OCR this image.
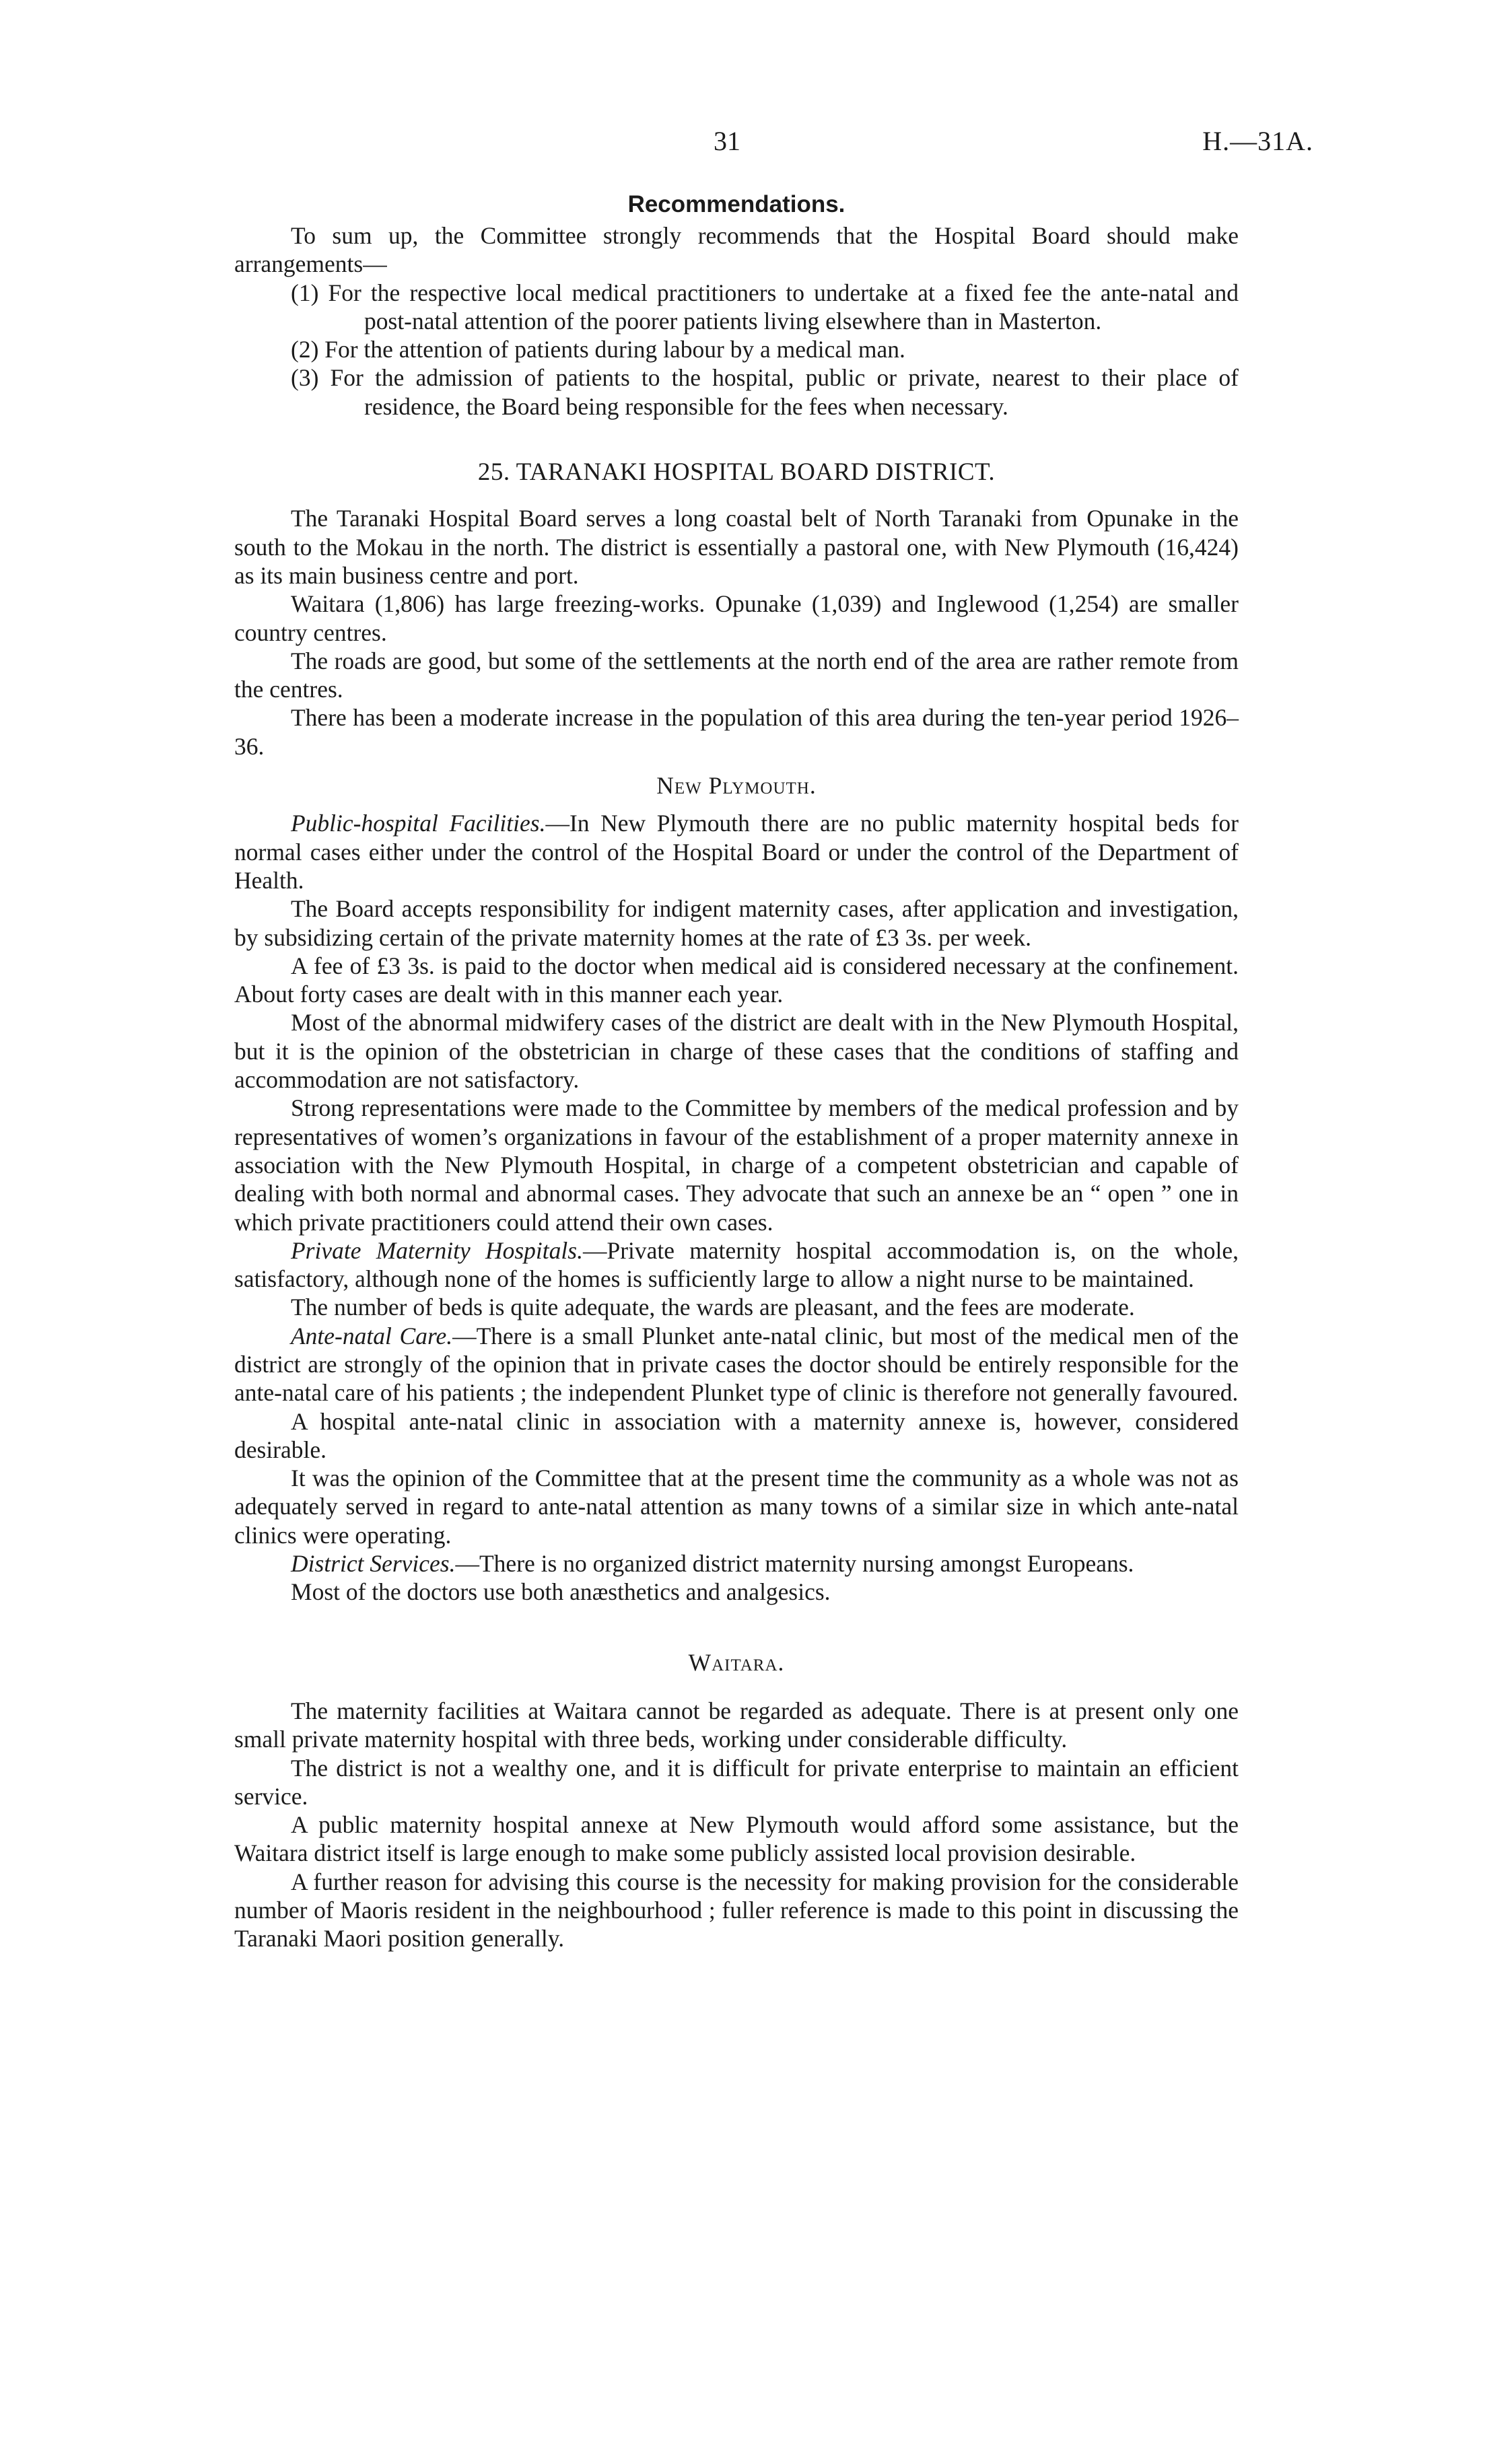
31	H.—31A.
Recommendations.

To sum up, the Committee strongly recommends that the Hospital Board should make arrangements—

(1) For the respective local medical practitioners to undertake at a fixed fee the ante-natal and post-natal attention of the poorer patients living elsewhere than in Masterton.
(2) For the attention of patients during labour by a medical man.
(3) For the admission of patients to the hospital, public or private, nearest to their place of residence, the Board being responsible for the fees when necessary.
25. TARANAKI HOSPITAL BOARD DISTRICT.

The Taranaki Hospital Board serves a long coastal belt of North Taranaki from Opunake in the south to the Mokau in the north. The district is essentially a pastoral one, with New Plymouth (16,424) as its main business centre and port.

Waitara (1,806) has large freezing-works. Opunake (1,039) and Inglewood (1,254) are smaller country centres.

The roads are good, but some of the settlements at the north end of the area are rather remote from the centres.

There has been a moderate increase in the population of this area during the ten-year period 1926–36.

New Plymouth.

Public-hospital Facilities.—In New Plymouth there are no public maternity hospital beds for normal cases either under the control of the Hospital Board or under the control of the Department of Health.

The Board accepts responsibility for indigent maternity cases, after application and investigation, by subsidizing certain of the private maternity homes at the rate of £3 3s. per week.

A fee of £3 3s. is paid to the doctor when medical aid is considered necessary at the confinement. About forty cases are dealt with in this manner each year.

Most of the abnormal midwifery cases of the district are dealt with in the New Plymouth Hospital, but it is the opinion of the obstetrician in charge of these cases that the conditions of staffing and accommodation are not satisfactory.

Strong representations were made to the Committee by members of the medical profession and by representatives of women’s organizations in favour of the establishment of a proper maternity annexe in association with the New Plymouth Hospital, in charge of a competent obstetrician and capable of dealing with both normal and abnormal cases. They advocate that such an annexe be an “ open ” one in which private practitioners could attend their own cases.

Private Maternity Hospitals.—Private maternity hospital accommodation is, on the whole, satisfactory, although none of the homes is sufficiently large to allow a night nurse to be maintained.

The number of beds is quite adequate, the wards are pleasant, and the fees are moderate.

Ante-natal Care.—There is a small Plunket ante-natal clinic, but most of the medical men of the district are strongly of the opinion that in private cases the doctor should be entirely responsible for the ante-natal care of his patients ; the independent Plunket type of clinic is therefore not generally favoured.

A hospital ante-natal clinic in association with a maternity annexe is, however, considered desirable.

It was the opinion of the Committee that at the present time the community as a whole was not as adequately served in regard to ante-natal attention as many towns of a similar size in which ante-natal clinics were operating.

District Services.—There is no organized district maternity nursing amongst Europeans.

Most of the doctors use both anæsthetics and analgesics.

Waitara.

The maternity facilities at Waitara cannot be regarded as adequate. There is at present only one small private maternity hospital with three beds, working under considerable difficulty.

The district is not a wealthy one, and it is difficult for private enterprise to maintain an efficient service.

A public maternity hospital annexe at New Plymouth would afford some assistance, but the Waitara district itself is large enough to make some publicly assisted local provision desirable.

A further reason for advising this course is the necessity for making provision for the considerable number of Maoris resident in the neighbourhood ; fuller reference is made to this point in discussing the Taranaki Maori position generally.
